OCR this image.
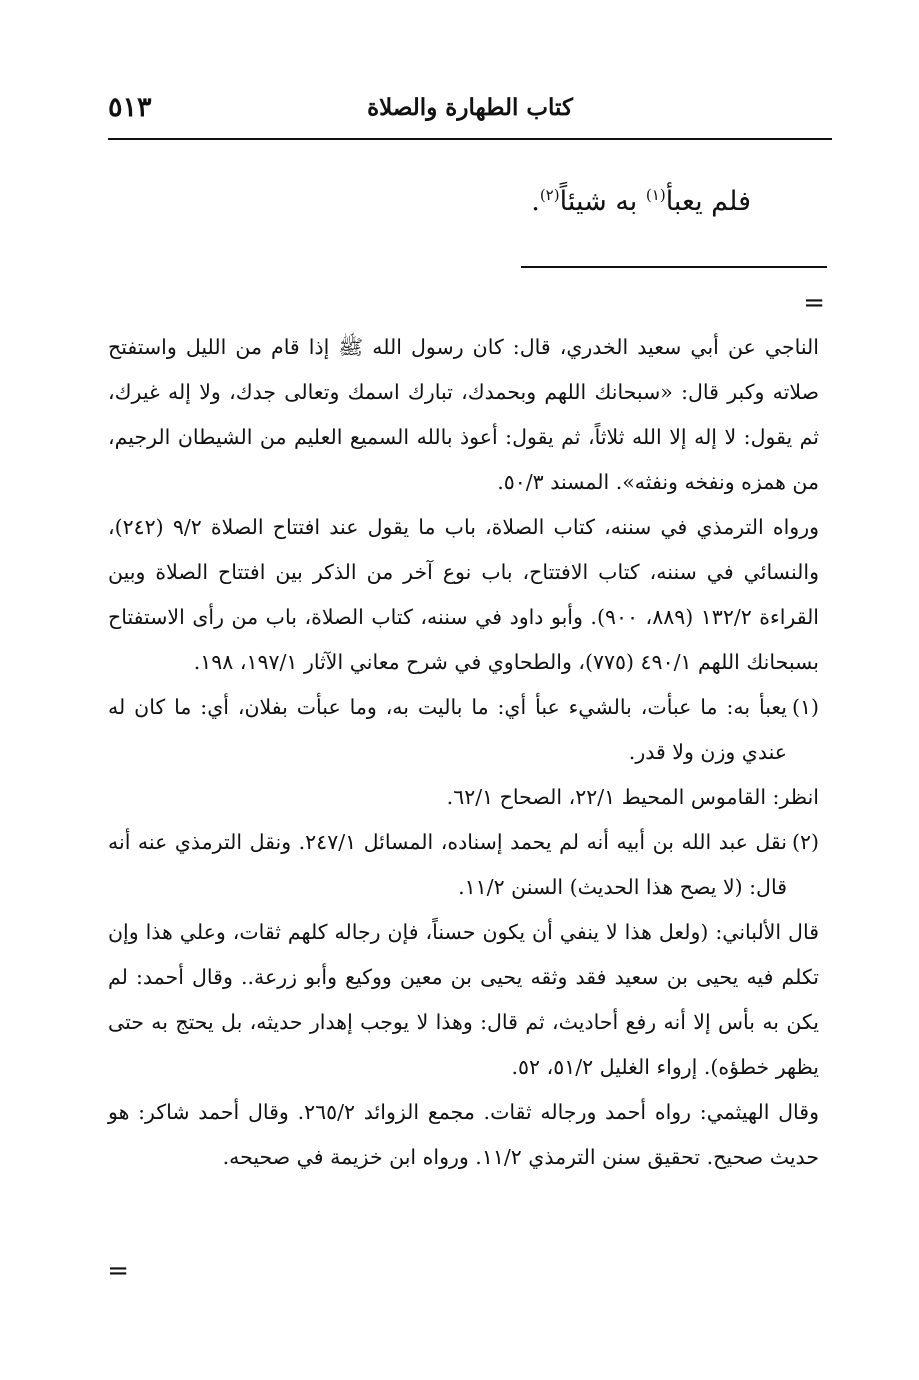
٥١٣	كتاب الطهارة والصلاة
فلم يعبأ$^{(١)}$ به شيئاً$^{(٢)}$.
=

الناجي عن أبي سعيد الخدري، قال: كان رسول الله ﷺ إذا قام من الليل واستفتح صلاته وكبر قال: «سبحانك اللهم وبحمدك، تبارك اسمك وتعالى جدك، ولا إله غيرك، ثم يقول: لا إله إلا الله ثلاثاً، ثم يقول: أعوذ بالله السميع العليم من الشيطان الرجيم، من همزه ونفخه ونفثه». المسند ٥٠/٣.

ورواه الترمذي في سننه، كتاب الصلاة، باب ما يقول عند افتتاح الصلاة ٩/٢ (٢٤٢)، والنسائي في سننه، كتاب الافتتاح، باب نوع آخر من الذكر بين افتتاح الصلاة وبين القراءة ١٣٢/٢ (٨٨٩، ٩٠٠). وأبو داود في سننه، كتاب الصلاة، باب من رأى الاستفتاح بسبحانك اللهم ٤٩٠/١ (٧٧٥)، والطحاوي في شرح معاني الآثار ١٩٧/١، ١٩٨.

(١)
يعبأ به: ما عبأت، بالشيء عبأ أي: ما باليت به، وما عبأت بفلان، أي: ما كان له عندي وزن ولا قدر.

انظر: القاموس المحيط ٢٢/١، الصحاح ٦٢/١.

(٢)
نقل عبد الله بن أبيه أنه لم يحمد إسناده، المسائل ٢٤٧/١. ونقل الترمذي عنه أنه قال: (لا يصح هذا الحديث) السنن ١١/٢.

قال الألباني: (ولعل هذا لا ينفي أن يكون حسناً، فإن رجاله كلهم ثقات، وعلي هذا وإن تكلم فيه يحيى بن سعيد فقد وثقه يحيى بن معين ووكيع وأبو زرعة.. وقال أحمد: لم يكن به بأس إلا أنه رفع أحاديث، ثم قال: وهذا لا يوجب إهدار حديثه، بل يحتج به حتى يظهر خطؤه). إرواء الغليل ٥١/٢، ٥٢.

وقال الهيثمي: رواه أحمد ورجاله ثقات. مجمع الزوائد ٢٦٥/٢. وقال أحمد شاكر: هو حديث صحيح. تحقيق سنن الترمذي ١١/٢. ورواه ابن خزيمة في صحيحه.

=
